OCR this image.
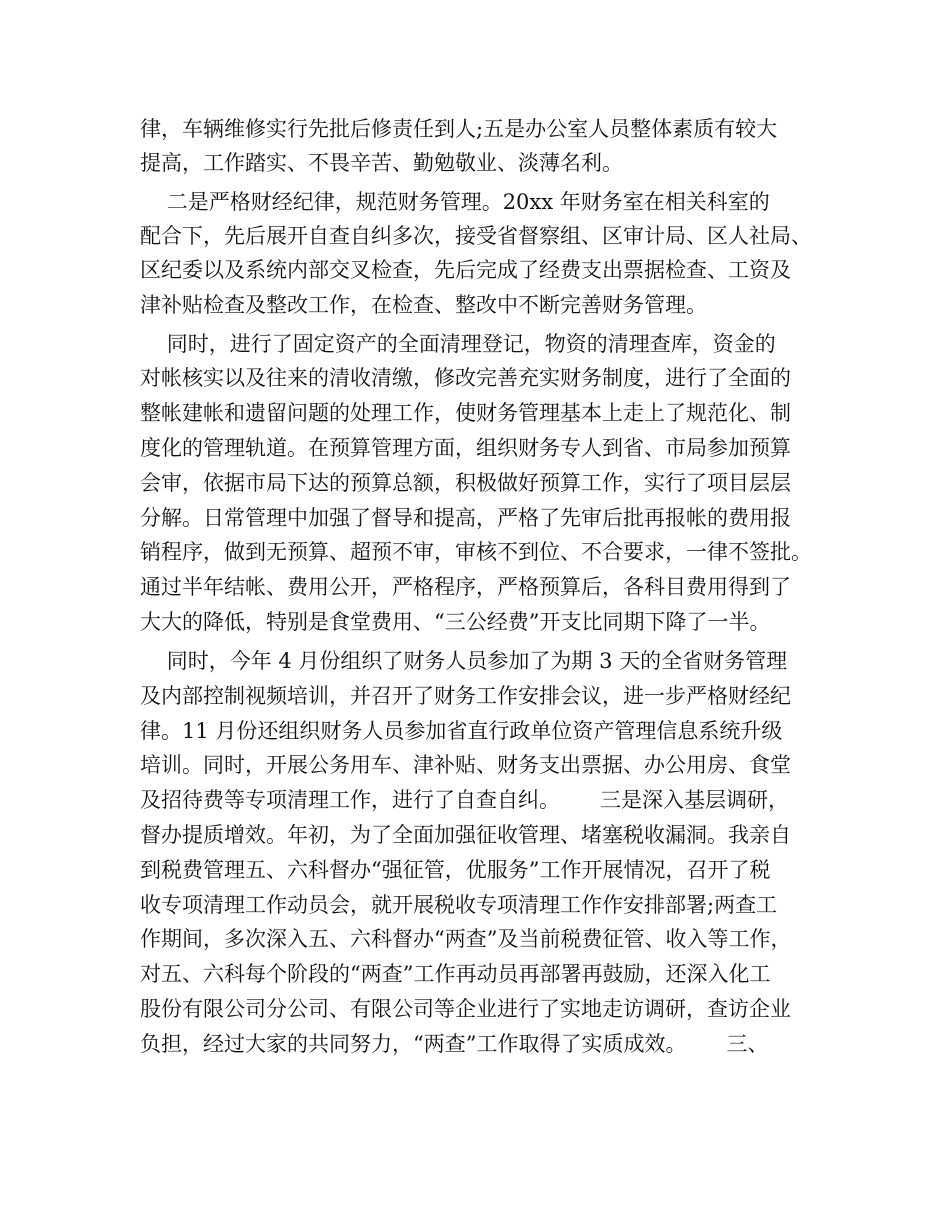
律，车辆维修实行先批后修责任到人;五是办公室人员整体素质有较大
提高，工作踏实、不畏辛苦、勤勉敬业、淡薄名利。
二是严格财经纪律，规范财务管理。20xx 年财务室在相关科室的
配合下，先后展开自查自纠多次，接受省督察组、区审计局、区人社局、
区纪委以及系统内部交叉检查，先后完成了经费支出票据检查、工资及
津补贴检查及整改工作，在检查、整改中不断完善财务管理。
同时，进行了固定资产的全面清理登记，物资的清理查库，资金的
对帐核实以及往来的清收清缴，修改完善充实财务制度，进行了全面的
整帐建帐和遗留问题的处理工作，使财务管理基本上走上了规范化、制
度化的管理轨道。在预算管理方面，组织财务专人到省、市局参加预算
会审，依据市局下达的预算总额，积极做好预算工作，实行了项目层层
分解。日常管理中加强了督导和提高，严格了先审后批再报帐的费用报
销程序，做到无预算、超预不审，审核不到位、不合要求，一律不签批。
通过半年结帐、费用公开，严格程序，严格预算后，各科目费用得到了
大大的降低，特别是食堂费用、“三公经费”开支比同期下降了一半。
同时，今年 4 月份组织了财务人员参加了为期 3 天的全省财务管理
及内部控制视频培训，并召开了财务工作安排会议，进一步严格财经纪
律。11 月份还组织财务人员参加省直行政单位资产管理信息系统升级
培训。同时，开展公务用车、津补贴、财务支出票据、办公用房、食堂
及招待费等专项清理工作，进行了自查自纠。      三是深入基层调研，
督办提质增效。年初，为了全面加强征收管理、堵塞税收漏洞。我亲自
到税费管理五、六科督办“强征管，优服务”工作开展情况，召开了税
收专项清理工作动员会，就开展税收专项清理工作作安排部署;两查工
作期间，多次深入五、六科督办“两查”及当前税费征管、收入等工作，
对五、六科每个阶段的“两查”工作再动员再部署再鼓励，还深入化工
股份有限公司分公司、有限公司等企业进行了实地走访调研，查访企业
负担，经过大家的共同努力，“两查”工作取得了实质成效。      三、
